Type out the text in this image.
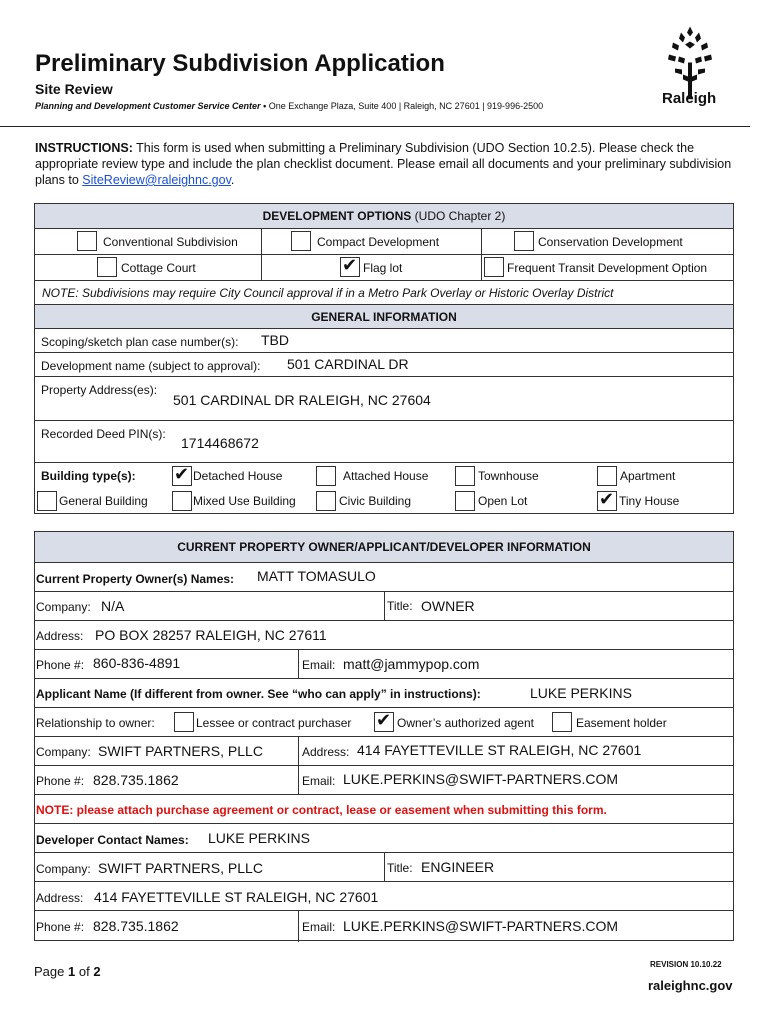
Preliminary Subdivision Application
Site Review
Planning and Development Customer Service Center • One Exchange Plaza, Suite 400 | Raleigh, NC 27601 | 919-996-2500	Raleigh
INSTRUCTIONS: This form is used when submitting a Preliminary Subdivision (UDO Section 10.2.5). Please check the appropriate review type and include the plan checklist document. Please email all documents and your preliminary subdivision plans to SiteReview@raleighnc.gov.
DEVELOPMENT OPTIONS (UDO Chapter 2)
Conventional Subdivision	Compact Development	Conservation Development
Cottage Court ✔	Flag lot	Frequent Transit Development Option
NOTE: Subdivisions may require City Council approval if in a Metro Park Overlay or Historic Overlay District
GENERAL INFORMATION
Scoping/sketch plan case number(s): TBD
Development name (subject to approval): 501 CARDINAL DR
Property Address(es):
501 CARDINAL DR RALEIGH, NC 27604
Recorded Deed PIN(s):
1714468672
Building type(s): ✔	Detached House	Attached House	Townhouse	Apartment
General Building	Mixed Use Building	Civic Building	Open Lot ✔	Tiny House
CURRENT PROPERTY OWNER/APPLICANT/DEVELOPER INFORMATION
Current Property Owner(s) Names: MATT TOMASULO
Company: N/A	Title: OWNER
Address: PO BOX 28257 RALEIGH, NC 27611
Phone #: 860-836-4891	Email: matt@jammypop.com
Applicant Name (If different from owner. See “who can apply” in instructions):	LUKE PERKINS
Relationship to owner:	Lessee or contract purchaser ✔	Owner’s authorized agent	Easement holder
Company: SWIFT PARTNERS, PLLC	Address: 414 FAYETTEVILLE ST RALEIGH, NC 27601
Phone #: 828.735.1862	Email: LUKE.PERKINS@SWIFT-PARTNERS.COM
NOTE: please attach purchase agreement or contract, lease or easement when submitting this form.
Developer Contact Names: LUKE PERKINS
Company: SWIFT PARTNERS, PLLC	Title: ENGINEER
Address: 414 FAYETTEVILLE ST RALEIGH, NC 27601
Phone #: 828.735.1862	Email: LUKE.PERKINS@SWIFT-PARTNERS.COM
Page 1 of 2	REVISION 10.10.22
raleighnc.gov
